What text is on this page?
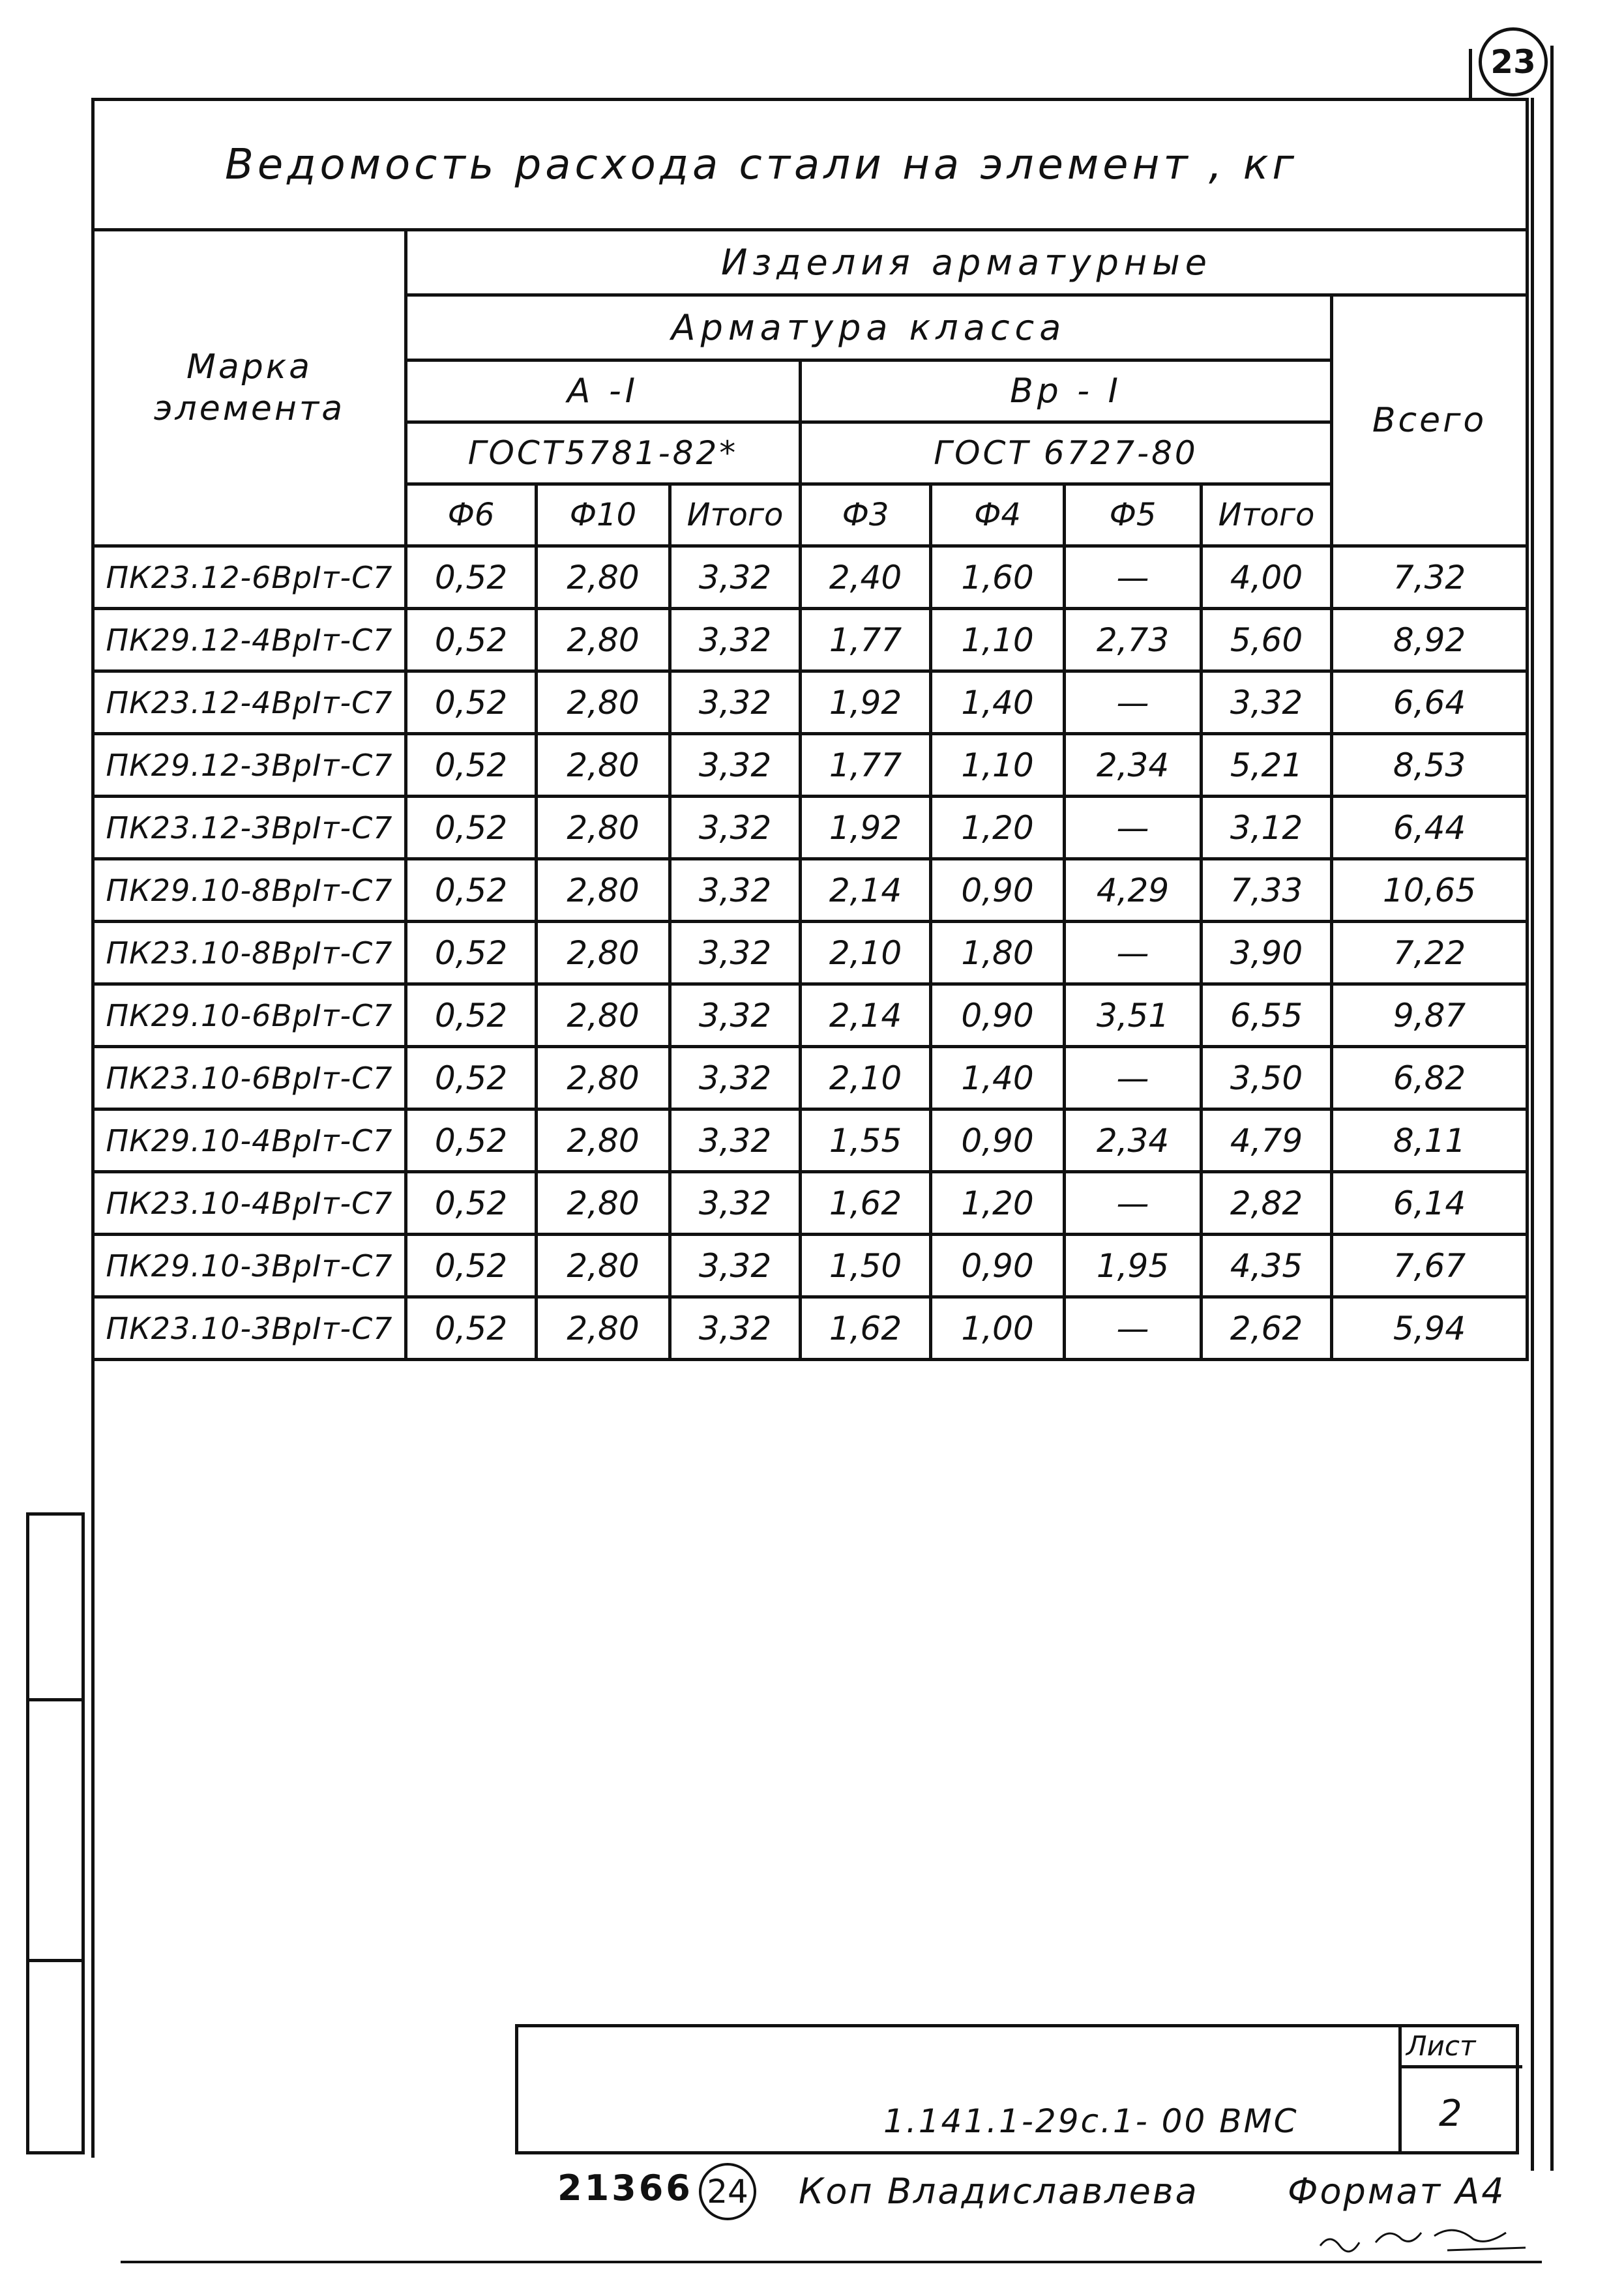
23
Ведомость расхода стали на элемент , кг								

Марка
элемента	Изделия арматурные							
	Арматура класса							Всего
	А -I			Вр - I				
	ГОСТ5781-82*			ГОСТ 6727-80				
	Ф6	Ф10	Итого	Ф3	Ф4	Ф5	Итого	
ПК23.12-6ВрIт-С7	0,52	2,80	3,32	2,40	1,60	—	4,00	7,32
ПК29.12-4ВрIт-С7	0,52	2,80	3,32	1,77	1,10	2,73	5,60	8,92
ПК23.12-4ВрIт-С7	0,52	2,80	3,32	1,92	1,40	—	3,32	6,64
ПК29.12-3ВрIт-С7	0,52	2,80	3,32	1,77	1,10	2,34	5,21	8,53
ПК23.12-3ВрIт-С7	0,52	2,80	3,32	1,92	1,20	—	3,12	6,44
ПК29.10-8ВрIт-С7	0,52	2,80	3,32	2,14	0,90	4,29	7,33	10,65
ПК23.10-8ВрIт-С7	0,52	2,80	3,32	2,10	1,80	—	3,90	7,22
ПК29.10-6ВрIт-С7	0,52	2,80	3,32	2,14	0,90	3,51	6,55	9,87
ПК23.10-6ВрIт-С7	0,52	2,80	3,32	2,10	1,40	—	3,50	6,82
ПК29.10-4ВрIт-С7	0,52	2,80	3,32	1,55	0,90	2,34	4,79	8,11
ПК23.10-4ВрIт-С7	0,52	2,80	3,32	1,62	1,20	—	2,82	6,14
ПК29.10-3ВрIт-С7	0,52	2,80	3,32	1,50	0,90	1,95	4,35	7,67
ПК23.10-3ВрIт-С7	0,52	2,80	3,32	1,62	1,00	—	2,62	5,94
1.141.1-29с.1- 00 ВМС
Лист
2
21366 24 Коп Владиславлева	Формат А4
